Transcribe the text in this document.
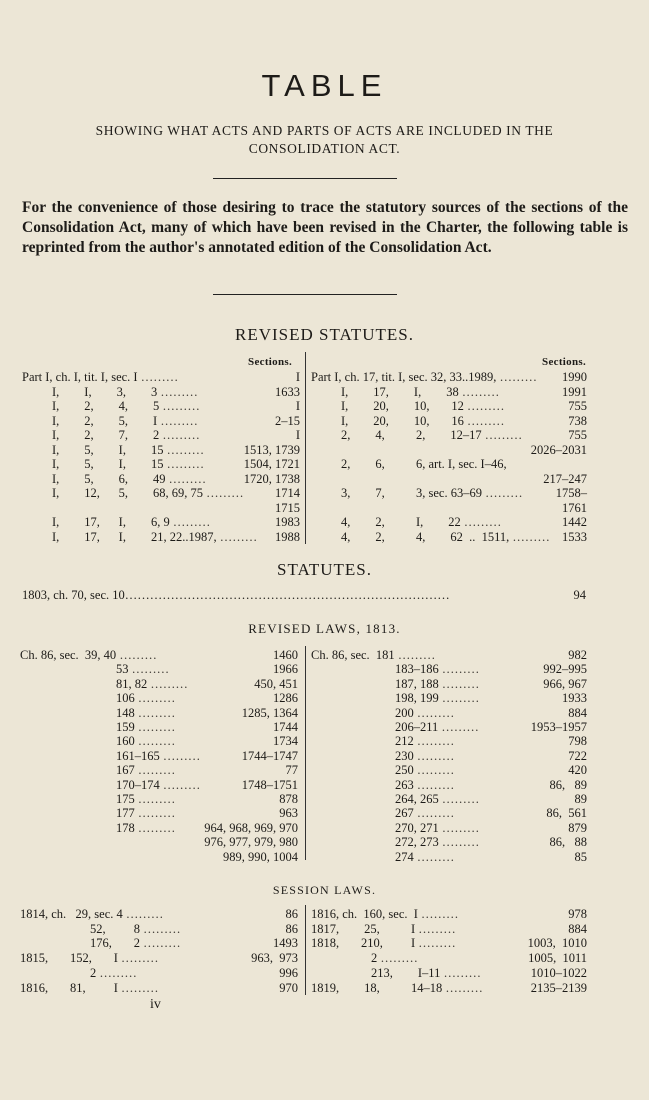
TABLE
SHOWING WHAT ACTS AND PARTS OF ACTS ARE INCLUDED IN THE
CONSOLIDATION ACT.
For the convenience of those desiring to trace the statutory sources of the sections of the Consolidation Act, many of which have been revised in the Charter, the following table is reprinted from the author's annotated edition of the Consolidation Act.
REVISED STATUTES.
Sections.	Sections.
Part I, ch. I, tit. I, sec. I ………	I
I,        I,        3,        3 ………	1633
I,        2,        4,        5 ………	I
I,        2,        5,        I ………	2–15
I,        2,        7,        2 ………	I
I,        5,        I,        15 ………	1513, 1739
I,        5,        I,        15 ………	1504, 1721
I,        5,        6,        49 ………	1720, 1738
I,        12,      5,        68, 69, 75 ………	1714
1715
I,        17,      I,        6, 9 ………	1983
I,        17,      I,        21, 22..1987, ……… 1988
Part I, ch. 17, tit. I, sec. 32, 33..1989, ……… 1990
I,        17,        I,        38 ………	1991
I,        20,        10,       12 ………	755
I,        20,        10,       16 ………	738
2,        4,          2,        12–17 ………	755
2026–2031
2,        6,          6, art. I, sec. I–46,
217–247
3,        7,          3, sec. 63–69 ………	1758–
1761
4,        2,          I,        22 ………	1442
4,        2,          4,        62  ..  1511, ……… 1533
STATUTES.
1803, ch. 70, sec. 10……………………………………………………………………	94
REVISED LAWS, 1813.
Ch. 86, sec.  39, 40 ………	1460
53 ………	1966
81, 82 ………	450, 451
106 ………	1286
148 ………	1285, 1364
159 ………	1744
160 ………	1734
161–165 ………	1744–1747
167 ………	77
170–174 ………	1748–1751
175 ………	878
177 ………	963
178 ……… 964, 968, 969, 970
976, 977, 979, 980
989, 990, 1004
Ch. 86, sec.  181 ………	982
183–186 ………	992–995
187, 188 ………	966, 967
198, 199 ………	1933
200 ………	884
206–211 ………	1953–1957
212 ………	798
230 ………	722
250 ………	420
263 ………	86,   89
264, 265 ………	89
267 ………	86,  561
270, 271 ………	879
272, 273 ………	86,   88
274 ………	85
SESSION LAWS.
1814, ch.   29, sec. 4 ………	86
52,         8 ………	86
176,       2 ………	1493
1815,       152,       I ………	963,  973
2 ………	996
1816,       81,         I ………	970
1816, ch.  160, sec.  I ………	978
1817,        25,          I ………	884
1818,       210,         I ………	1003,  1010
2 ………	1005,  1011
213,        I–11 ………	1010–1022
1819,        18,          14–18 ………	2135–2139
iv
